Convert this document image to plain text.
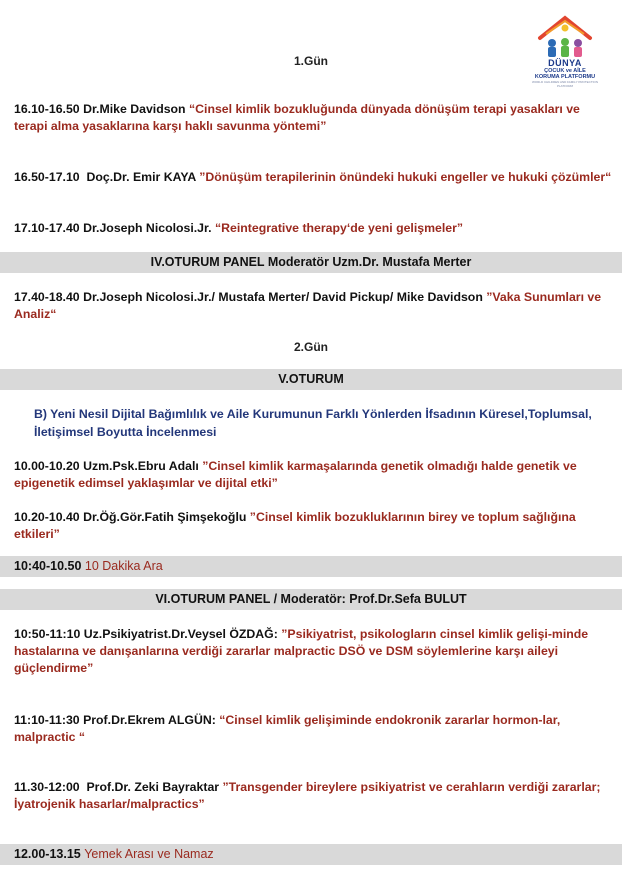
DÜNYA
ÇOCUK ve AİLE
KORUMA PLATFORMU
WORLD CHILDREN AND FAMILY PROTECTION PLATFORM
1.Gün
16.10-16.50 Dr.Mike Davidson “Cinsel kimlik bozukluğunda dünyada dönüşüm terapi yasakları ve terapi alma yasaklarına karşı haklı savunma yöntemi”
16.50-17.10 Doç.Dr. Emir KAYA ”Dönüşüm terapilerinin önündeki hukuki engeller ve hukuki çözümler“
17.10-17.40 Dr.Joseph Nicolosi.Jr. “Reintegrative therapy‘de yeni gelişmeler”
IV.OTURUM PANEL Moderatör Uzm.Dr. Mustafa Merter
17.40-18.40 Dr.Joseph Nicolosi.Jr./ Mustafa Merter/ David Pickup/ Mike Davidson ”Vaka Sunumları ve Analiz“
2.Gün
V.OTURUM
B) Yeni Nesil Dijital Bağımlılık ve Aile Kurumunun Farklı Yönlerden İfsadının Küresel,Toplumsal, İletişimsel Boyutta İncelenmesi
10.00-10.20 Uzm.Psk.Ebru Adalı ”Cinsel kimlik karmaşalarında genetik olmadığı halde genetik ve epigenetik edimsel yaklaşımlar ve dijital etki”
10.20-10.40 Dr.Öğ.Gör.Fatih Şimşekoğlu ”Cinsel kimlik bozukluklarının birey ve toplum sağlığına etkileri”
10:40-10.50 10 Dakika Ara
VI.OTURUM PANEL / Moderatör: Prof.Dr.Sefa BULUT
10:50-11:10 Uz.Psikiyatrist.Dr.Veysel ÖZDAĞ: ”Psikiyatrist, psikologların cinsel kimlik gelişi-minde hastalarına ve danışanlarına verdiği zararlar malpractic DSÖ ve DSM söylemlerine karşı aileyi güçlendirme”
11:10-11:30 Prof.Dr.Ekrem ALGÜN: “Cinsel kimlik gelişiminde endokronik zararlar hormon-lar, malpractic “
11.30-12:00 Prof.Dr. Zeki Bayraktar ”Transgender bireylere psikiyatrist ve cerahların verdiği zararlar; İyatrojenik hasarlar/malpractics”
12.00-13.15 Yemek Arası ve Namaz
